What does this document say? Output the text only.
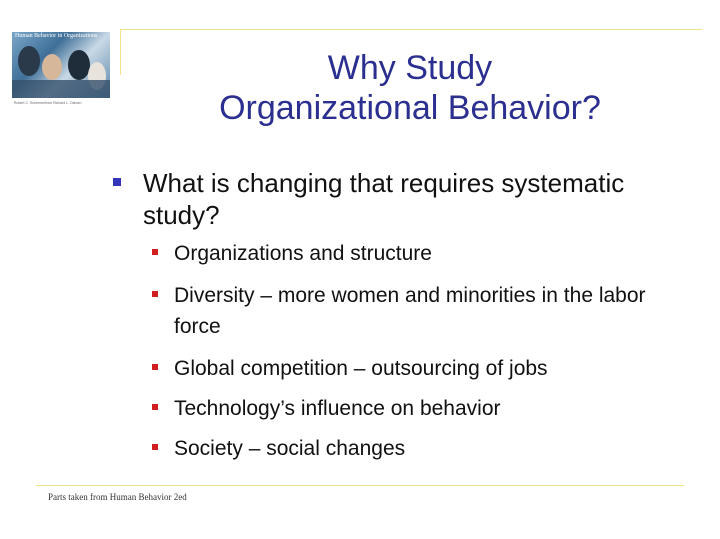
Human Behavior in Organizations
Robert C. Schermerhorn Richard L. Osborn
Why Study
Organizational Behavior?
What is changing that requires systematic study?
Organizations and structure
Diversity – more women and minorities in the labor force
Global competition – outsourcing of jobs
Technology’s influence on behavior
Society – social changes
Parts taken from Human Behavior 2ed
